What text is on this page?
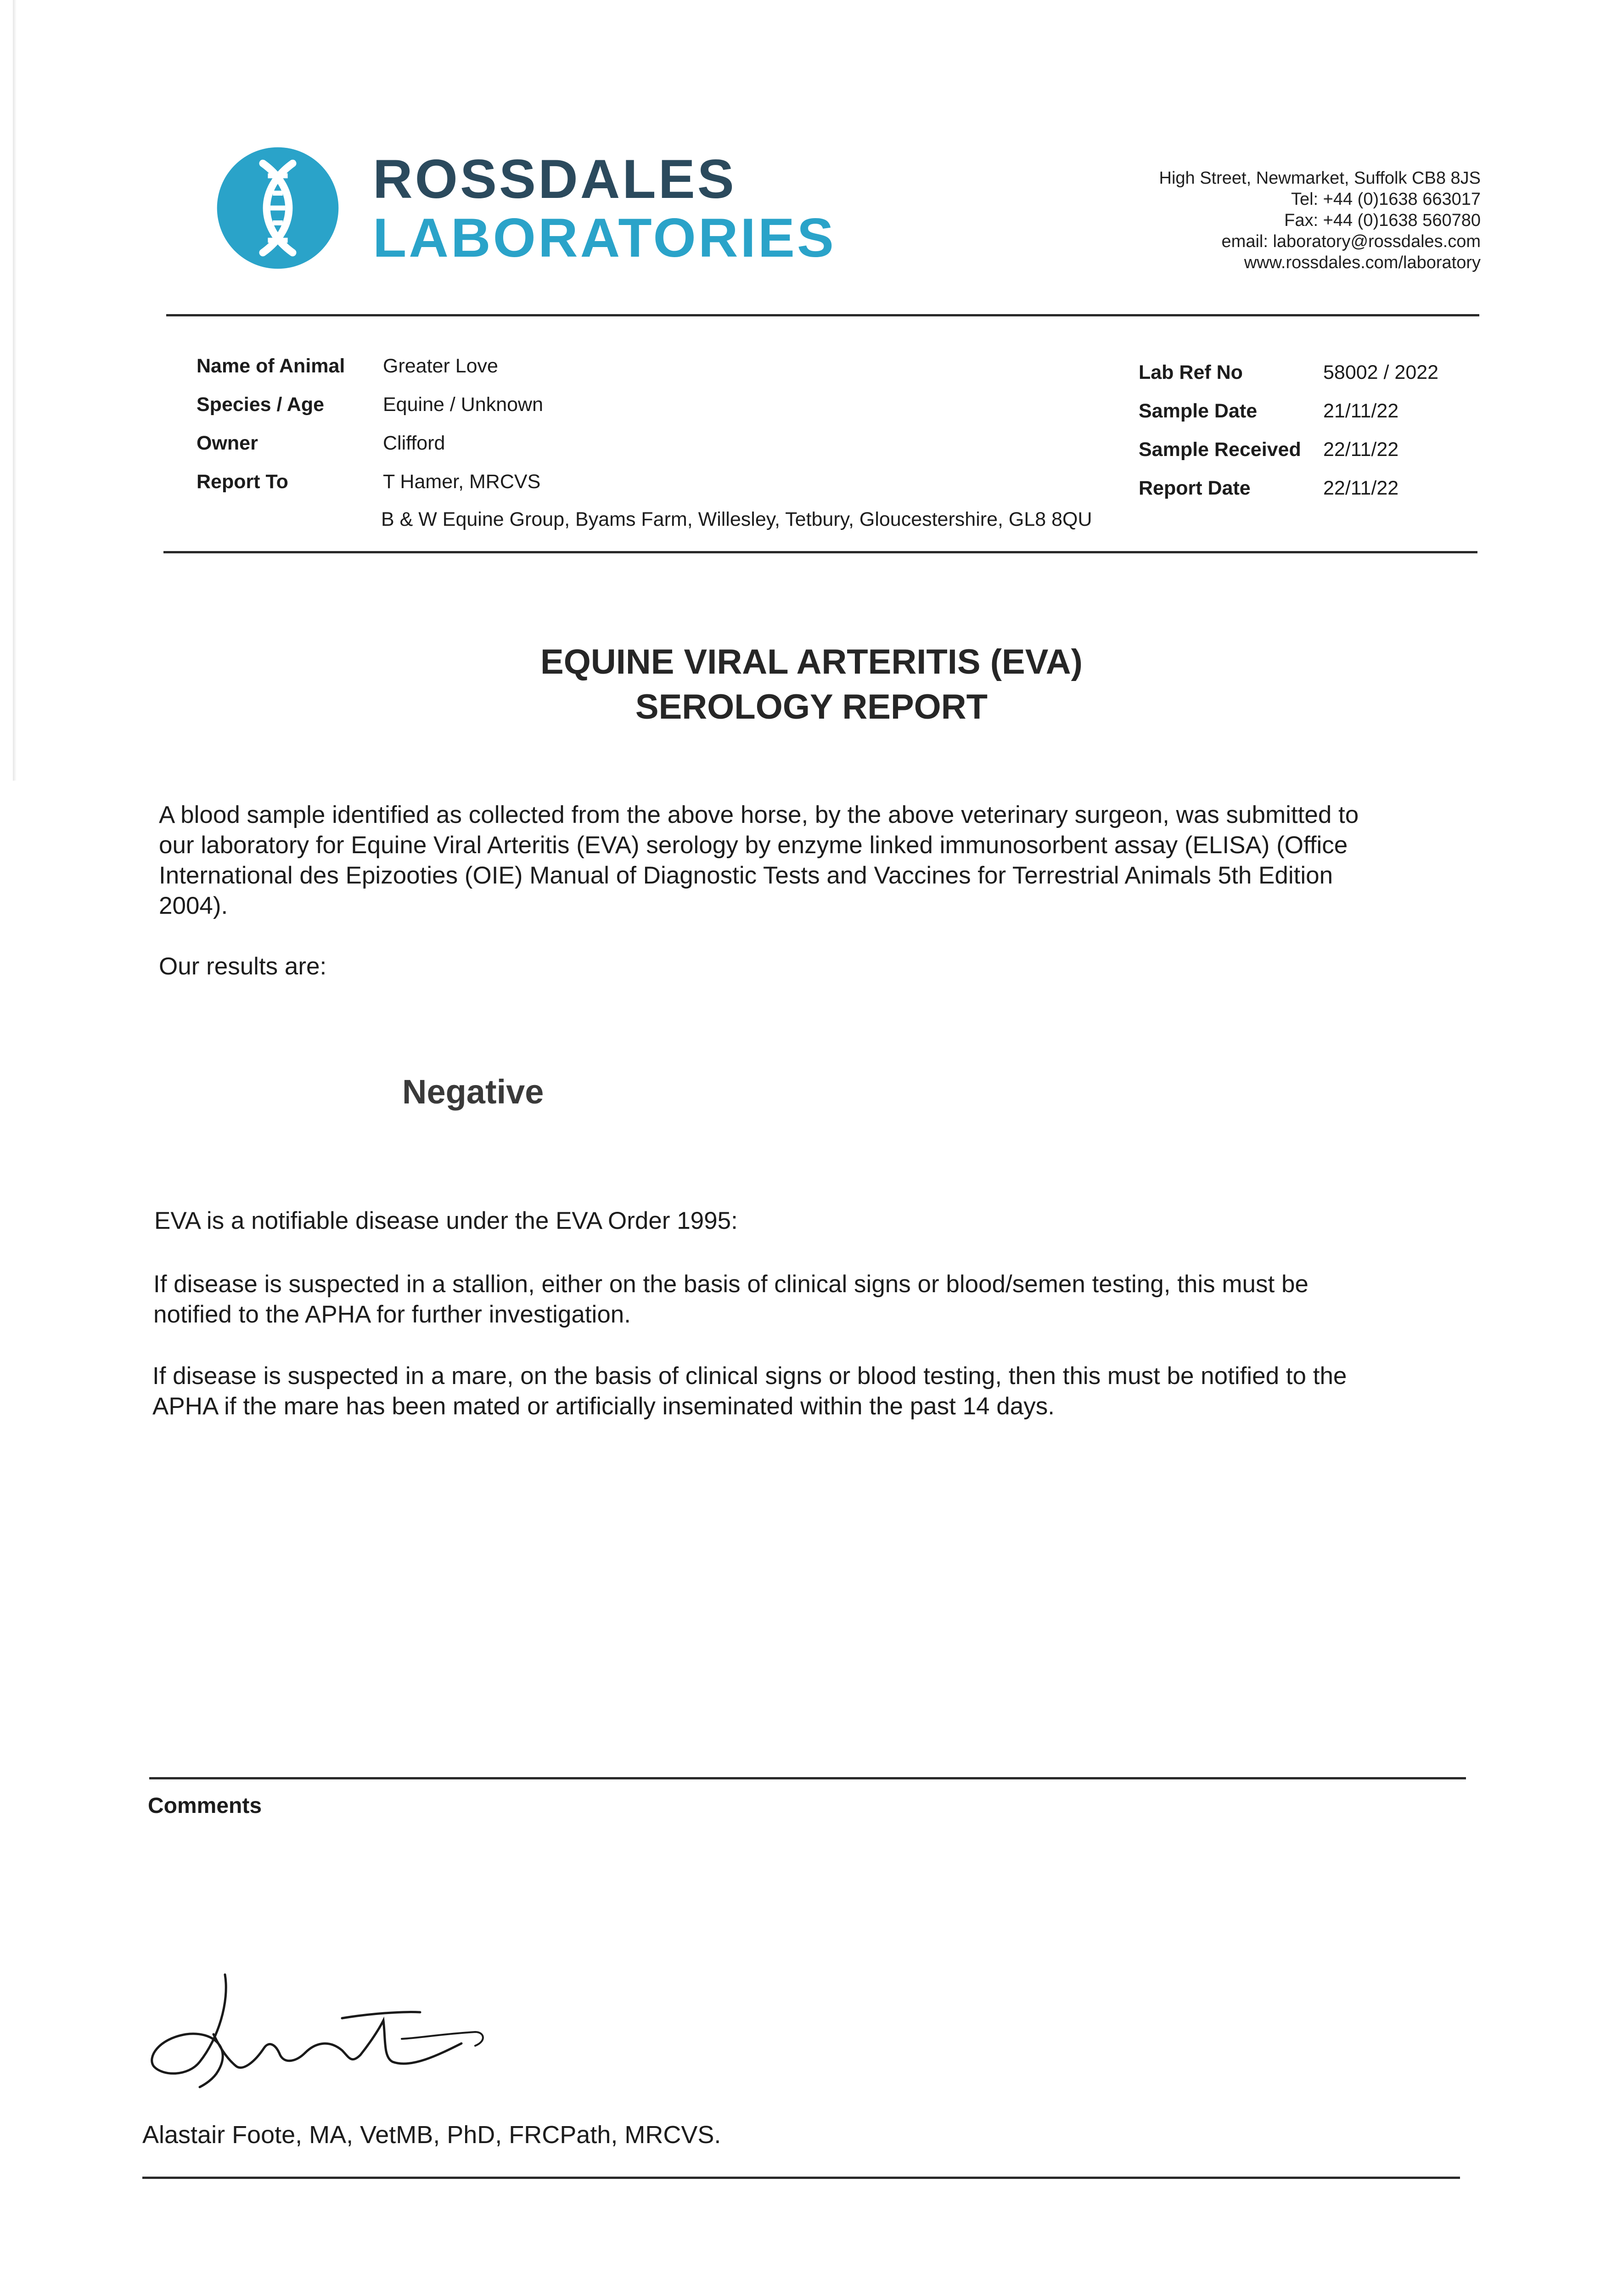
ROSSDALES
LABORATORIES
High Street, Newmarket, Suffolk CB8 8JS
Tel: +44 (0)1638 663017
Fax: +44 (0)1638 560780
email: laboratory@rossdales.com
www.rossdales.com/laboratory
Name of Animal Greater Love
Species / Age	Equine / Unknown
Owner	Clifford
Report To	T Hamer, MRCVS
B & W Equine Group, Byams Farm, Willesley, Tetbury, Gloucestershire, GL8 8QU
Lab Ref No	58002 / 2022
Sample Date	21/11/22
Sample Received 22/11/22
Report Date	22/11/22
EQUINE VIRAL ARTERITIS (EVA)
SEROLOGY REPORT
A blood sample identified as collected from the above horse, by the above veterinary surgeon, was submitted to
our laboratory for Equine Viral Arteritis (EVA) serology by enzyme linked immunosorbent assay (ELISA) (Office
International des Epizooties (OIE) Manual of Diagnostic Tests and Vaccines for Terrestrial Animals 5th Edition
2004).
Our results are:
Negative
EVA is a notifiable disease under the EVA Order 1995:
If disease is suspected in a stallion, either on the basis of clinical signs or blood/semen testing, this must be
notified to the APHA for further investigation.
If disease is suspected in a mare, on the basis of clinical signs or blood testing, then this must be notified to the
APHA if the mare has been mated or artificially inseminated within the past 14 days.
Comments
Alastair Foote, MA, VetMB, PhD, FRCPath, MRCVS.
